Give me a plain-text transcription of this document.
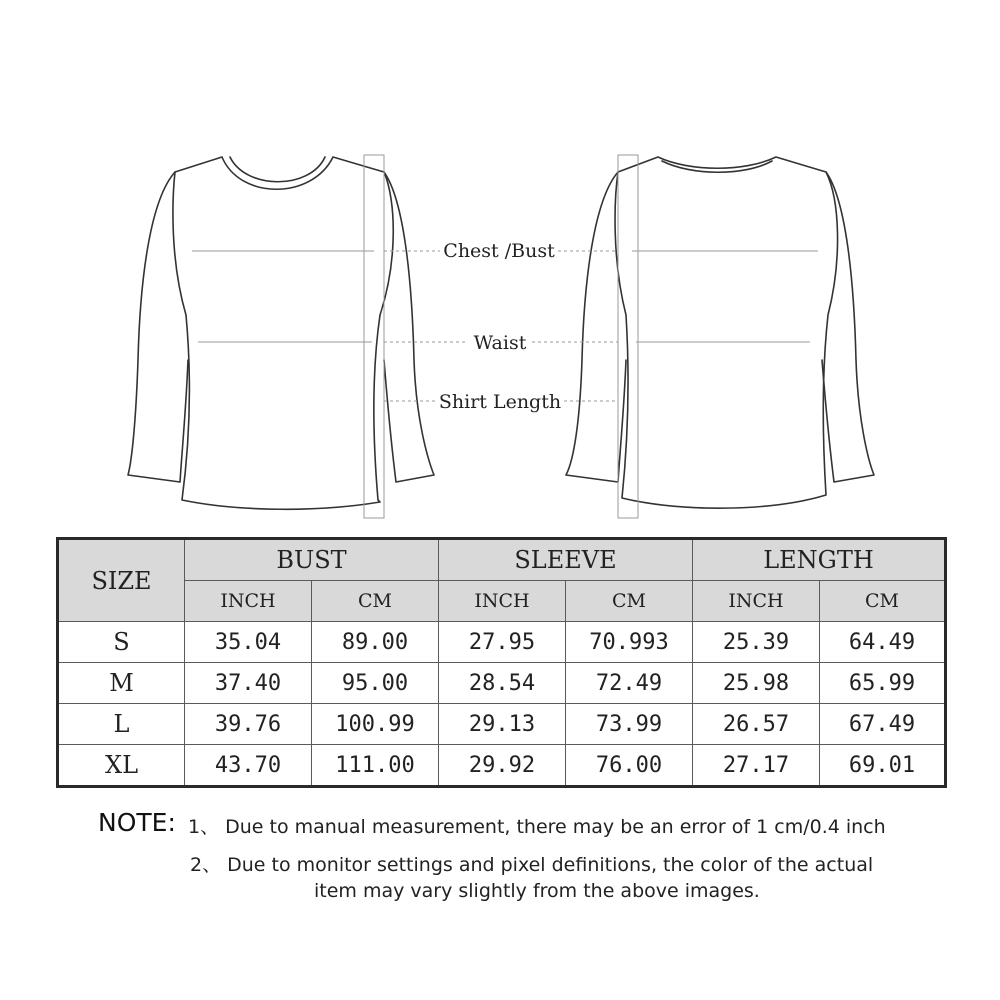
Chest /Bust
Waist
Shirt Length
SIZE	BUST		SLEEVE		LENGTH	
	INCH	CM	INCH	CM	INCH	CM
S	35.04	89.00	27.95	70.993	25.39	64.49
M	37.40	95.00	28.54	72.49	25.98	65.99
L	39.76	100.99	29.13	73.99	26.57	67.49
XL	43.70	111.00	29.92	76.00	27.17	69.01
NOTE: 1、 Due to manual measurement, there may be an error of 1 cm/0.4 inch
2、 Due to monitor settings and pixel definitions, the color of the actual
item may vary slightly from the above images.
